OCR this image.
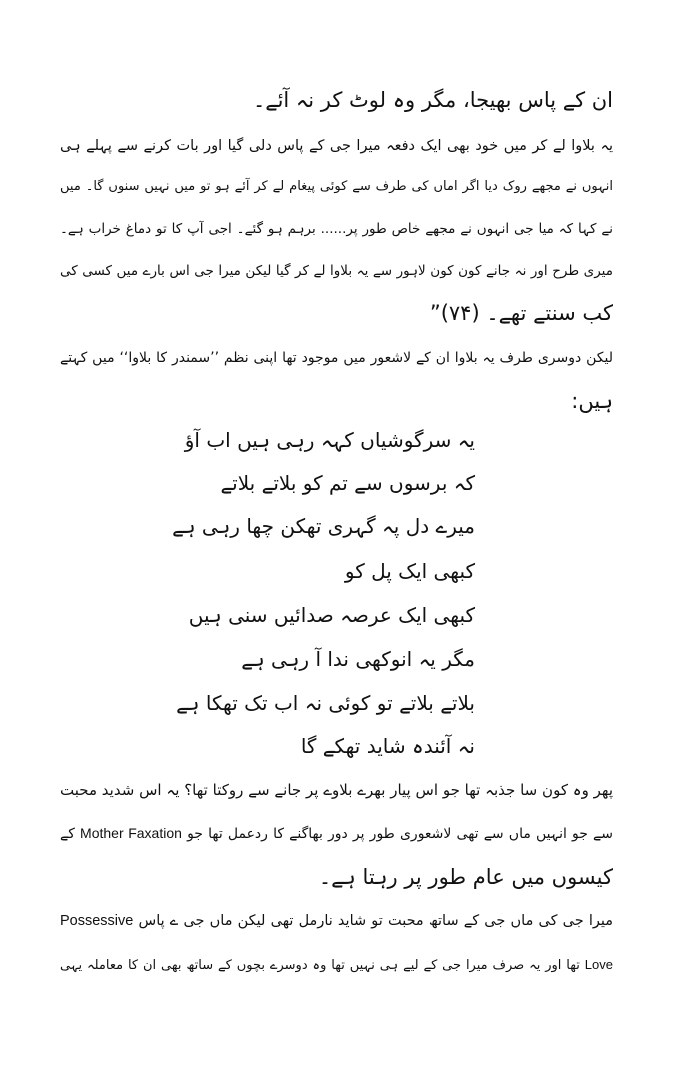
ان کے پاس بھیجا، مگر وہ لوٹ کر نہ آئے۔
یہ بلاوا لے کر میں خود بھی ایک دفعہ میرا جی کے پاس دلی گیا اور بات کرنے سے پہلے ہی
انہوں نے مجھے روک دیا اگر اماں کی طرف سے کوئی پیغام لے کر آئے ہو تو میں نہیں سنوں گا۔ میں
نے کہا کہ میا جی انہوں نے مجھے خاص طور پر...... برہم ہو گئے۔ اجی آپ کا تو دماغ خراب ہے۔
میری طرح اور نہ جانے کون کون لاہور سے یہ بلاوا لے کر گیا لیکن میرا جی اس بارے میں کسی کی
کب سنتے تھے۔ (۷۴)”
لیکن دوسری طرف یہ بلاوا ان کے لاشعور میں موجود تھا اپنی نظم ’’سمندر کا بلاوا‘‘ میں کہتے
ہیں:
یہ سرگوشیاں کہہ رہی ہیں اب آؤ
کہ برسوں سے تم کو بلاتے بلاتے
میرے دل پہ گہری تھکن چھا رہی ہے
کبھی ایک پل کو
کبھی ایک عرصہ صدائیں سنی ہیں
مگر یہ انوکھی ندا آ رہی ہے
بلاتے بلاتے تو کوئی نہ اب تک تھکا ہے
نہ آئندہ شاید تھکے گا
پھر وہ کون سا جذبہ تھا جو اس پیار بھرے بلاوے پر جانے سے روکتا تھا؟ یہ اس شدید محبت
سے جو انہیں ماں سے تھی لاشعوری طور پر دور بھاگنے کا ردعمل تھا جو Mother Faxation کے
کیسوں میں عام طور پر رہتا ہے۔
میرا جی کی ماں جی کے ساتھ محبت تو شاید نارمل تھی لیکن ماں جی ے پاس Possessive
Love تھا اور یہ صرف میرا جی کے لیے ہی نہیں تھا وہ دوسرے بچوں کے ساتھ بھی ان کا معاملہ یہی
